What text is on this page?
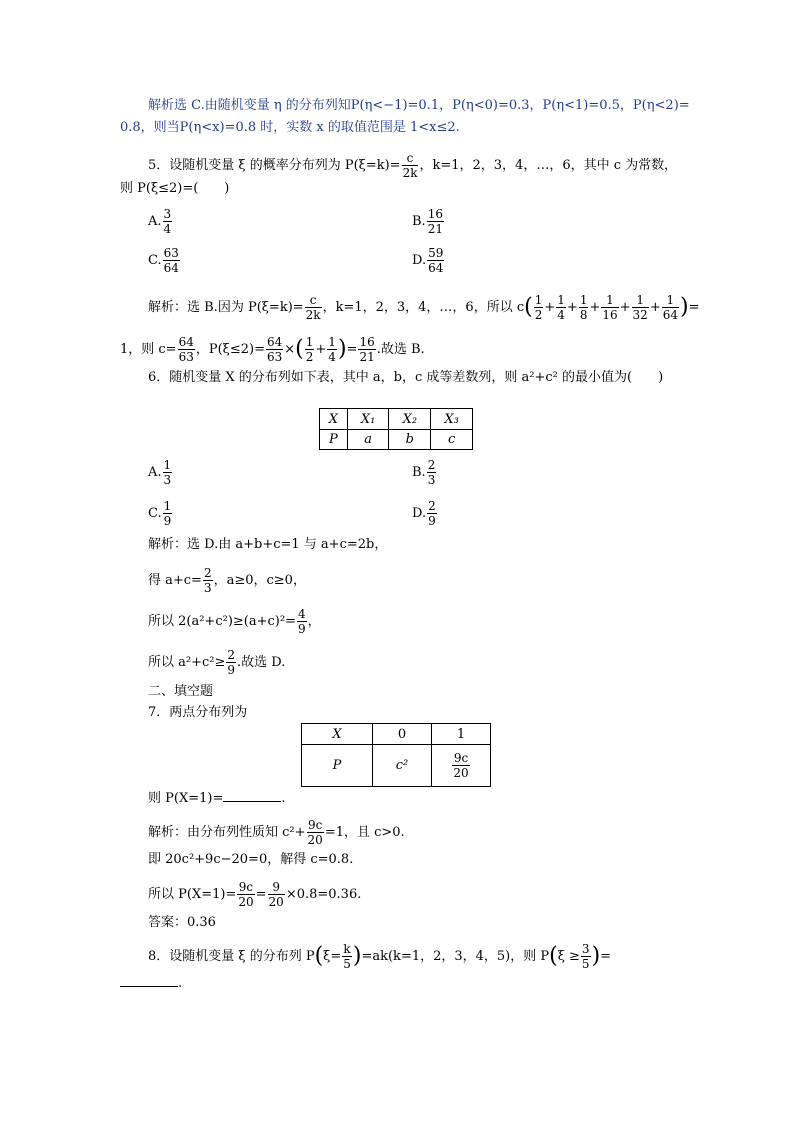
解析选 C.由随机变量 η 的分布列知P(η<−1)=0.1，P(η<0)=0.3，P(η<1)=0.5，P(η<2)=
0.8，则当P(η<x)=0.8 时，实数 x 的取值范围是 1<x≤2.
5．设随机变量 ξ 的概率分布列为 $P(\xi=k)= \frac{c}{2k}$ ，k=1，2，3，4，…，6，其中 c 为常数，
则 P(ξ≤2)=(　　)
A. $\frac{3}{4}$	B. $\frac{16}{21}$
C. $\frac{63}{64}$	D. $\frac{59}{64}$
解析：选 B.因为 $P(\xi=k)= \frac{c}{2k}$ ，k=1，2，3，4，…，6，所以 $c( \frac{1}{2} + \frac{1}{4} + \frac{1}{8} + \frac{1}{16} + \frac{1}{32} + \frac{1}{64}$ )=
1，则 $c= \frac{64}{63}$ ，$P(\xi\le 2)= \frac{64}{63}$ ×( $\frac{1}{2} + \frac{1}{4}$ )= $\frac{16}{21}$ .故选 B.
6．随机变量 X 的分布列如下表，其中 a，b，c 成等差数列，则 a²+c² 的最小值为(　　)
X	X₁	X₂	X₃
P	a	b	c
A. $\frac{1}{3}$	B. $\frac{2}{3}$
C. $\frac{1}{9}$	D. $\frac{2}{9}$
解析：选 D.由 a+b+c=1 与 a+c=2b，
得 $a+c= \frac{2}{3}$ ，a≥0，c≥0，
所以 $2(a^2+c^2)\ge(a+c)^2= \frac{4}{9}$ ，
所以 $a^2+c^2\ge \frac{2}{9}$ .故选 D.
二、填空题
7．两点分布列为
X	0	1
P	c²	$\frac{9c}{20}$
则 P(X=1)=	.
解析：由分布列性质知 $c^2+ \frac{9c}{20} =1$，且 c>0.
即 20c²+9c−20=0，解得 c=0.8.
所以 $P(X=1)= \frac{9c}{20} = \frac{9}{20} \times 0.8=0.36$.
答案：0.36
8．设随机变量 ξ 的分布列 $P(\xi= \frac{k}{5} )=ak(k=1$，2，3，4，5)，则 $P(\xi \ge \frac{3}{5}$ )=
.
